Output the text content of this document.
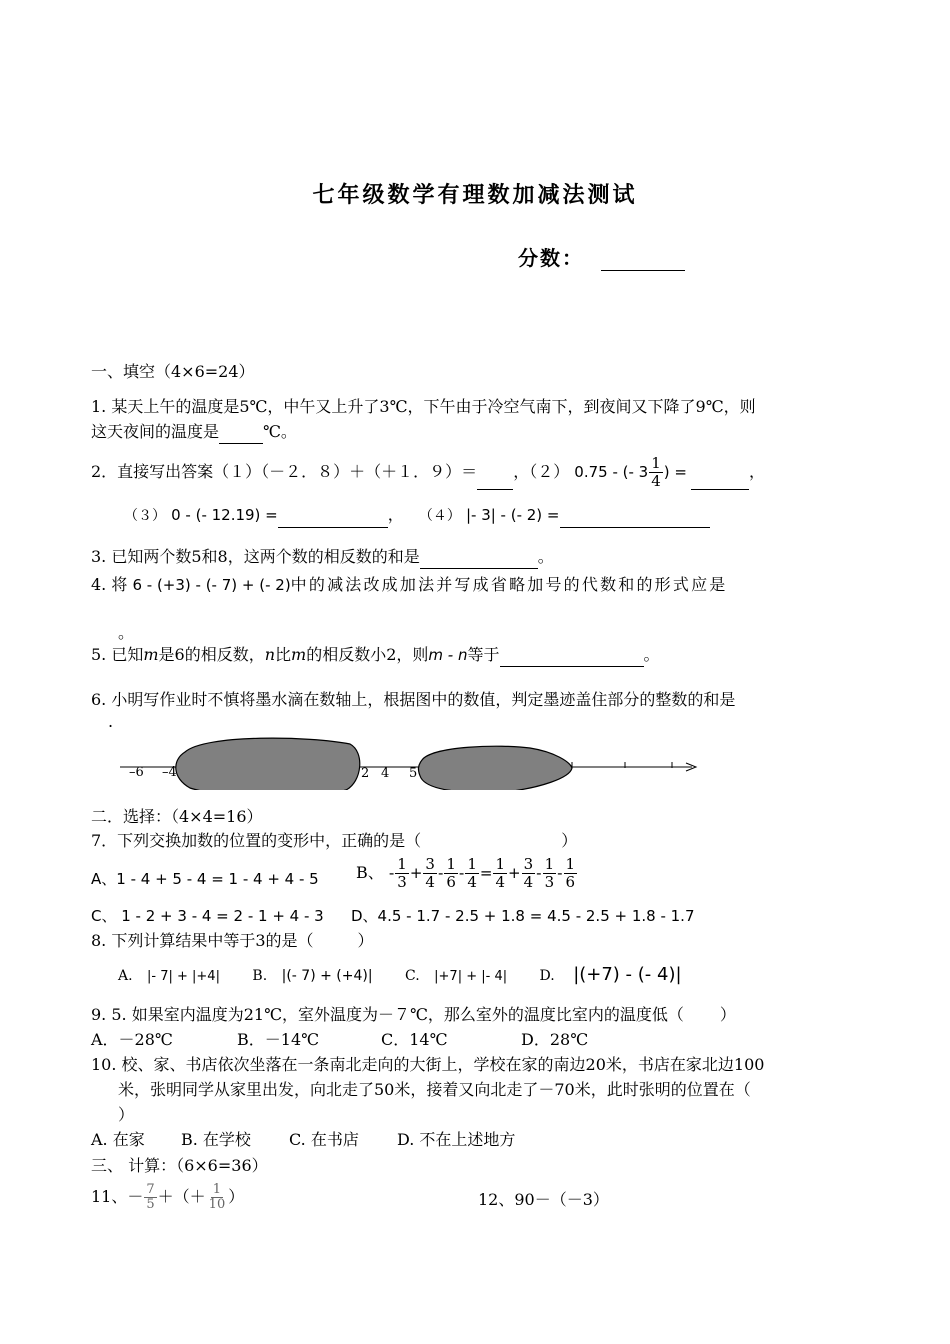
七年级数学有理数加减法测试
分数：
一、填空（4×6=24）
1. 某天上午的温度是5℃，中午又上升了3℃，下午由于冷空气南下，到夜间又下降了9℃，则
这天夜间的温度是	℃。
2．直接写出答案（１）（－２．８）＋（＋１．９）＝ ，（２） 0.75 - (- $3 \frac{1}{4}$ ) =	，
（３） 0 - (- 12.19) =	， （４） |- 3| - (- 2) =
3. 已知两个数5和8，这两个数的相反数的和是	。
4. 将 6 - (+3) - (- 7) + (- 2)中的减法改成加法并写成省略加号的代数和的形式应是
。
5. 已知m是6的相反数，n比m的相反数小2，则m - n等于	。
6. 小明写作业时不慎将墨水滴在数轴上，根据图中的数值，判定墨迹盖住部分的整数的和是
.
–6 –4	2 4 5
二．选择：（4×4=16）
7．下列交换加数的位置的变形中，正确的是（	）
A、1 - 4 + 5 - 4 = 1 - 4 + 4 - 5 B、 - $\frac{1}{3} + \frac{3}{4} - \frac{1}{6} - \frac{1}{4} = \frac{1}{4} + \frac{3}{4} - \frac{1}{3} - \frac{1}{6}$
C、 1 - 2 + 3 - 4 = 2 - 1 + 4 - 3 D、4.5 - 1.7 - 2.5 + 1.8 = 4.5 - 2.5 + 1.8 - 1.7
8. 下列计算结果中等于3的是（	）
A. |- 7| + |+4| B. |(- 7) + (+4)| C. |+7| + |- 4| D. |(+7) - (- 4)|
9. 5. 如果室内温度为21℃，室外温度为－７℃，那么室外的温度比室内的温度低（ ）
A．－28℃	B．－14℃	C．14℃	D．28℃
10. 校、家、书店依次坐落在一条南北走向的大街上，学校在家的南边20米，书店在家北边100
米，张明同学从家里出发，向北走了50米，接着又向北走了－70米，此时张明的位置在（
）
A. 在家 B. 在学校 C. 在书店 D. 不在上述地方
三、 计算：（6×6=36）
11、－ $\frac{7}{5}$ ＋（＋ $\frac{1}{10}$ ）	12、90－（－3）
